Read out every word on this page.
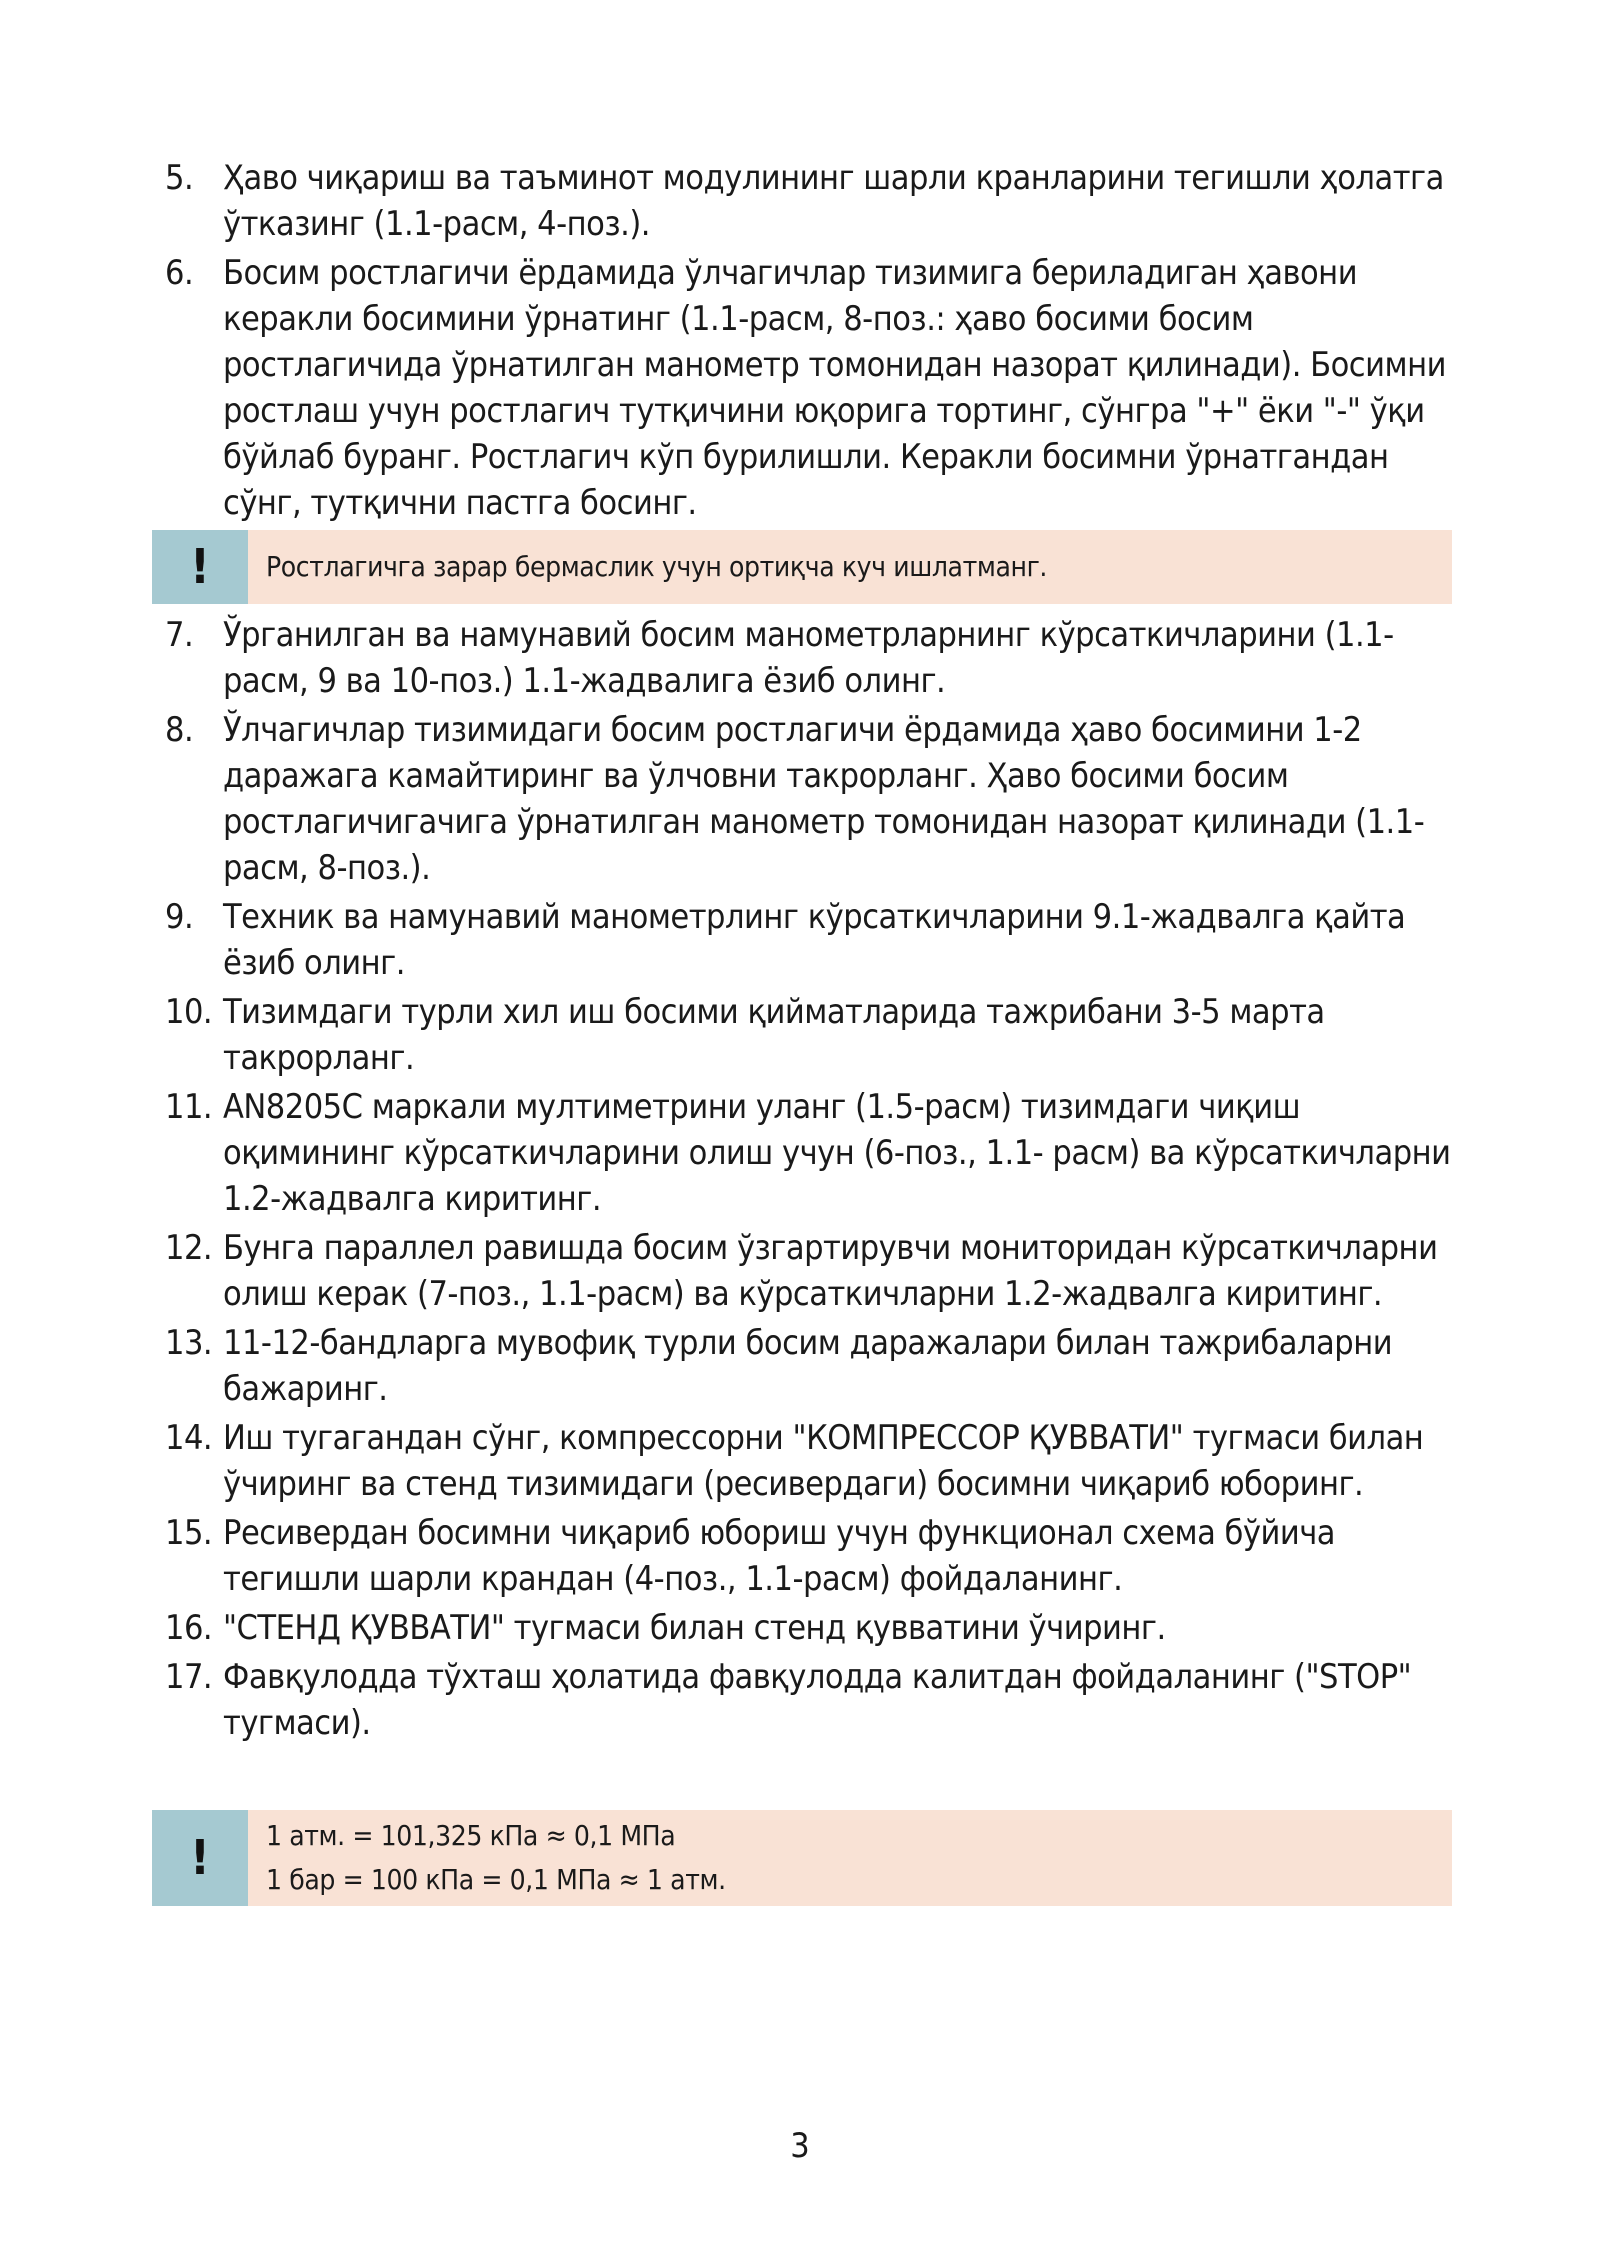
5. Ҳаво чиқариш ва таъминот модулининг шарли кранларини тегишли ҳолатга ўтказинг (1.1-расм, 4-поз.).
6. Босим ростлагичи ёрдамида ўлчагичлар тизимига бериладиган ҳавони керакли босимини ўрнатинг (1.1-расм, 8-поз.: ҳаво босими босим ростлагичида ўрнатилган манометр томонидан назорат қилинади). Босимни ростлаш учун ростлагич тутқичини юқорига тортинг, сўнгра "+" ёки "-" ўқи бўйлаб буранг. Ростлагич кўп бурилишли. Керакли босимни ўрнатгандан сўнг, тутқични пастга босинг.
!	Ростлагичга зарар бермаслик учун ортиқча куч ишлатманг.
7. Ўрганилган ва намунавий босим манометрларнинг кўрсаткичларини (1.1-расм, 9 ва 10-поз.) 1.1-жадвалига ёзиб олинг.
8. Ўлчагичлар тизимидаги босим ростлагичи ёрдамида ҳаво босимини 1-2 даражага камайтиринг ва ўлчовни такрорланг. Ҳаво босими босим ростлагичигачига ўрнатилган манометр томонидан назорат қилинади (1.1-расм, 8-поз.).
9. Техник ва намунавий манометрлинг кўрсаткичларини 9.1-жадвалга қайта ёзиб олинг.
10. Тизимдаги турли хил иш босими қийматларида тажрибани 3-5 марта такрорланг.
11. AN8205C маркали мултиметрини уланг (1.5-расм) тизимдаги чиқиш оқимининг кўрсаткичларини олиш учун (6-поз., 1.1- расм) ва кўрсаткичларни 1.2-жадвалга киритинг.
12. Бунга параллел равишда босим ўзгартирувчи мониторидан кўрсаткичларни олиш керак (7-поз., 1.1-расм) ва кўрсаткичларни 1.2-жадвалга киритинг.
13. 11-12-бандларга мувофиқ турли босим даражалари билан тажрибаларни бажаринг.
14. Иш тугагандан сўнг, компрессорни "КОМПРЕССОР ҚУВВАТИ" тугмаси билан ўчиринг ва стенд тизимидаги (ресивердаги) босимни чиқариб юборинг.
15. Ресивердан босимни чиқариб юбориш учун функционал схема бўйича тегишли шарли крандан (4-поз., 1.1-расм) фойдаланинг.
16. "СТЕНД ҚУВВАТИ" тугмаси билан стенд қувватини ўчиринг.
17. Фавқулодда тўхташ ҳолатида фавқулодда калитдан фойдаланинг ("STOP" тугмаси).
!	1 атм. = 101,325 кПа ≈ 0,1 МПа
1 бар = 100 кПа = 0,1 МПа ≈ 1 атм.
3
